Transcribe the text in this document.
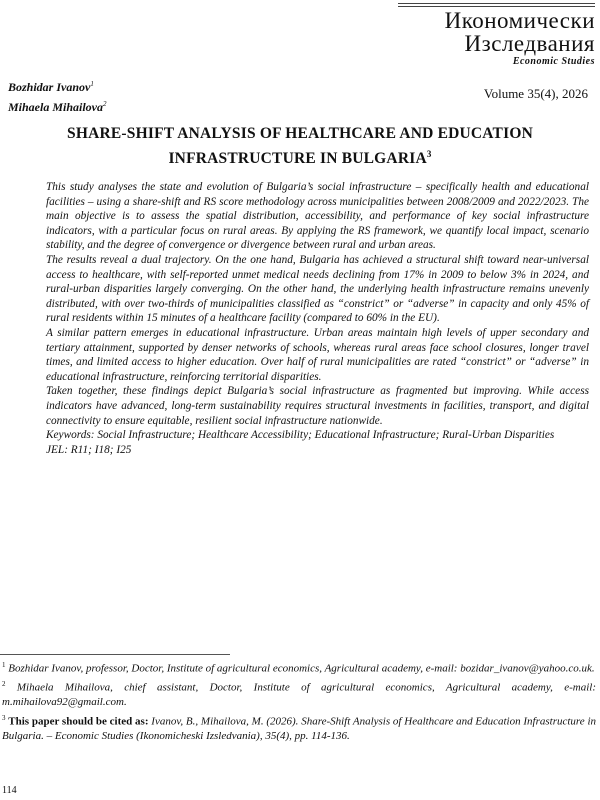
Икономически
Изследвания
Economic Studies
Bozhidar Ivanov$^1$
Mihaela Mihailova$^2$
Volume 35(4), 2026
SHARE-SHIFT ANALYSIS OF HEALTHCARE AND EDUCATION
INFRASTRUCTURE IN BULGARIA$^3$

This study analyses the state and evolution of Bulgaria’s social infrastructure – specifically health and educational facilities – using a share-shift and RS score methodology across municipalities between 2008/2009 and 2022/2023. The main objective is to assess the spatial distribution, accessibility, and performance of key social infrastructure indicators, with a particular focus on rural areas. By applying the RS framework, we quantify local impact, scenario stability, and the degree of convergence or divergence between rural and urban areas.

The results reveal a dual trajectory. On the one hand, Bulgaria has achieved a structural shift toward near-universal access to healthcare, with self-reported unmet medical needs declining from 17% in 2009 to below 3% in 2024, and rural-urban disparities largely converging. On the other hand, the underlying health infrastructure remains unevenly distributed, with over two-thirds of municipalities classified as “constrict” or “adverse” in capacity and only 45% of rural residents within 15 minutes of a healthcare facility (compared to 60% in the EU).

A similar pattern emerges in educational infrastructure. Urban areas maintain high levels of upper secondary and tertiary attainment, supported by denser networks of schools, whereas rural areas face school closures, longer travel times, and limited access to higher education. Over half of rural municipalities are rated “constrict” or “adverse” in educational infrastructure, reinforcing territorial disparities.

Taken together, these findings depict Bulgaria’s social infrastructure as fragmented but improving. While access indicators have advanced, long-term sustainability requires structural investments in facilities, transport, and digital connectivity to ensure equitable, resilient social infrastructure nationwide.

Keywords: Social Infrastructure; Healthcare Accessibility; Educational Infrastructure; Rural-Urban Disparities

JEL: R11; I18; I25

$^1$ Bozhidar Ivanov, professor, Doctor, Institute of agricultural economics, Agricultural academy, e-mail: bozidar_ivanov@yahoo.co.uk.

$^2$ Mihaela Mihailova, chief assistant, Doctor, Institute of agricultural economics, Agricultural academy, e-mail: m.mihailova92@gmail.com.

$^3$ This paper should be cited as: Ivanov, B., Mihailova, M. (2026). Share-Shift Analysis of Healthcare and Education Infrastructure in Bulgaria. – Economic Studies (Ikonomicheski Izsledvania), 35(4), pp. 114-136.

114
